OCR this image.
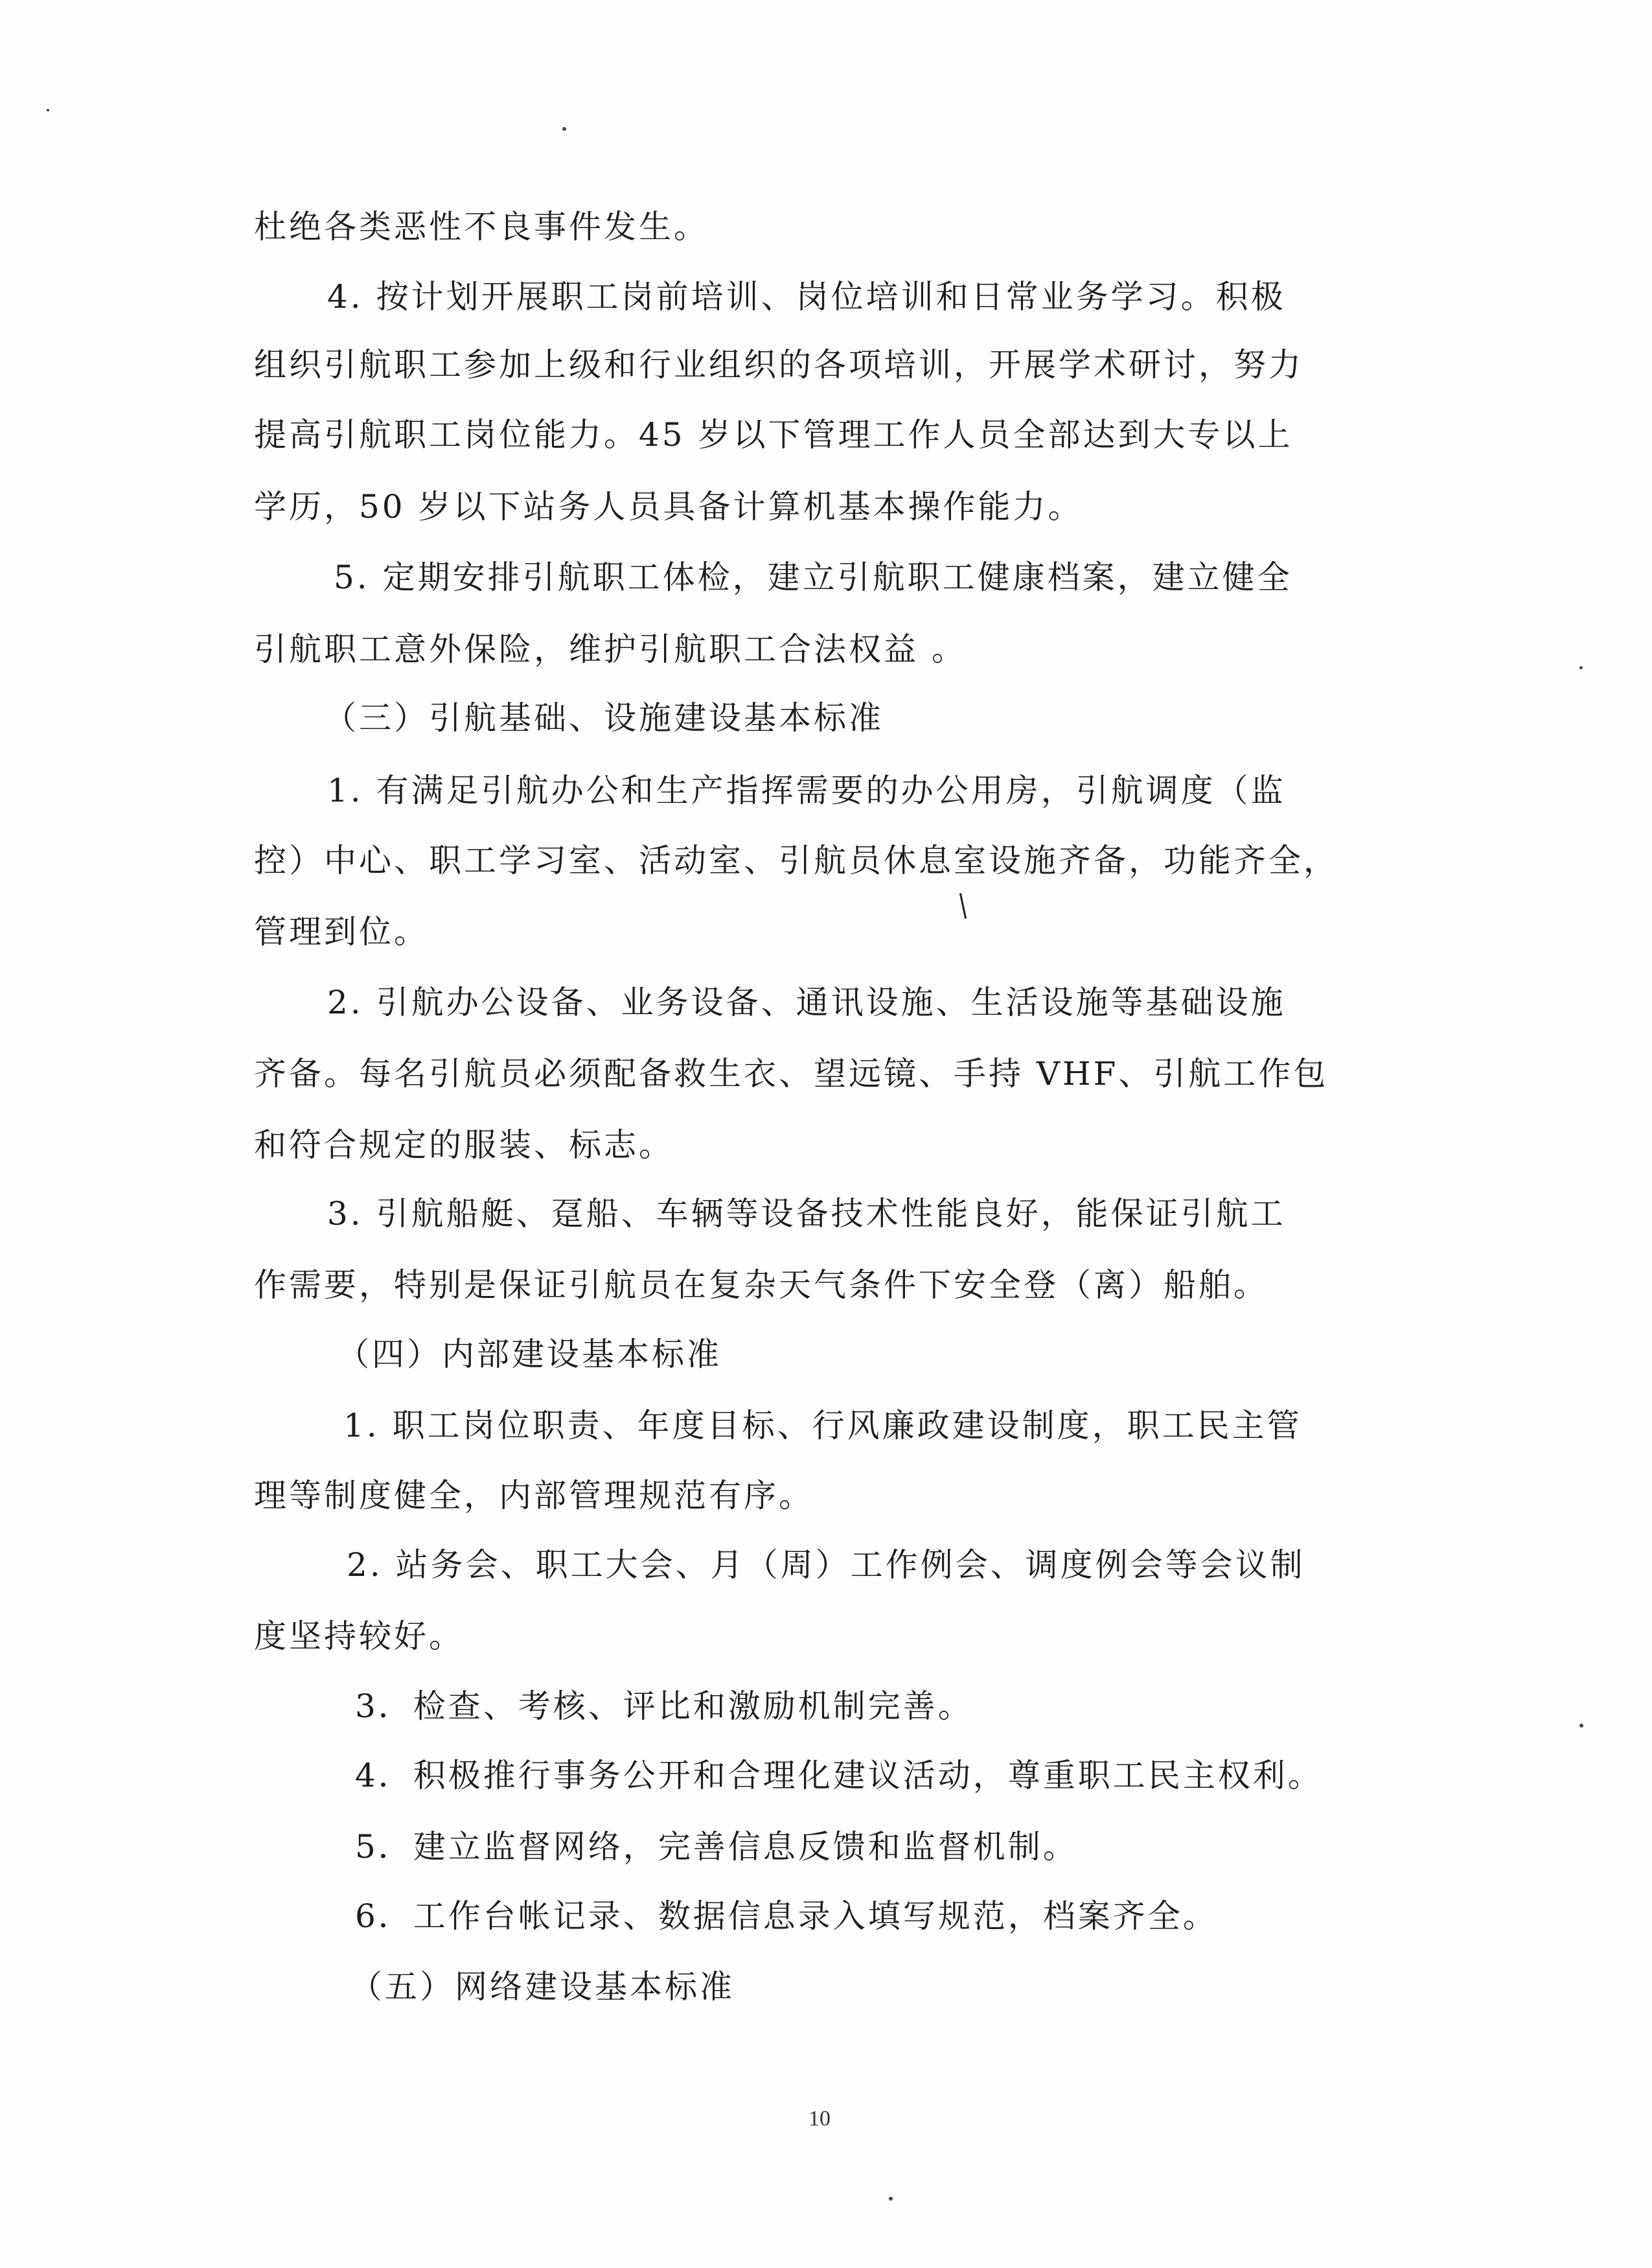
杜绝各类恶性不良事件发生。
4. 按计划开展职工岗前培训、岗位培训和日常业务学习。积极
组织引航职工参加上级和行业组织的各项培训，开展学术研讨，努力
提高引航职工岗位能力。45 岁以下管理工作人员全部达到大专以上
学历，50 岁以下站务人员具备计算机基本操作能力。
5. 定期安排引航职工体检，建立引航职工健康档案，建立健全
引航职工意外保险，维护引航职工合法权益 。
（三）引航基础、设施建设基本标准
1. 有满足引航办公和生产指挥需要的办公用房，引航调度（监
控）中心、职工学习室、活动室、引航员休息室设施齐备，功能齐全，
管理到位。
2. 引航办公设备、业务设备、通讯设施、生活设施等基础设施
齐备。每名引航员必须配备救生衣、望远镜、手持 VHF、引航工作包
和符合规定的服装、标志。
3. 引航船艇、趸船、车辆等设备技术性能良好，能保证引航工
作需要，特别是保证引航员在复杂天气条件下安全登（离）船舶。
（四）内部建设基本标准
1. 职工岗位职责、年度目标、行风廉政建设制度，职工民主管
理等制度健全，内部管理规范有序。
2. 站务会、职工大会、月（周）工作例会、调度例会等会议制
度坚持较好。
3．检查、考核、评比和激励机制完善。
4．积极推行事务公开和合理化建议活动，尊重职工民主权利。
5．建立监督网络，完善信息反馈和监督机制。
6．工作台帐记录、数据信息录入填写规范，档案齐全。
（五）网络建设基本标准
10
